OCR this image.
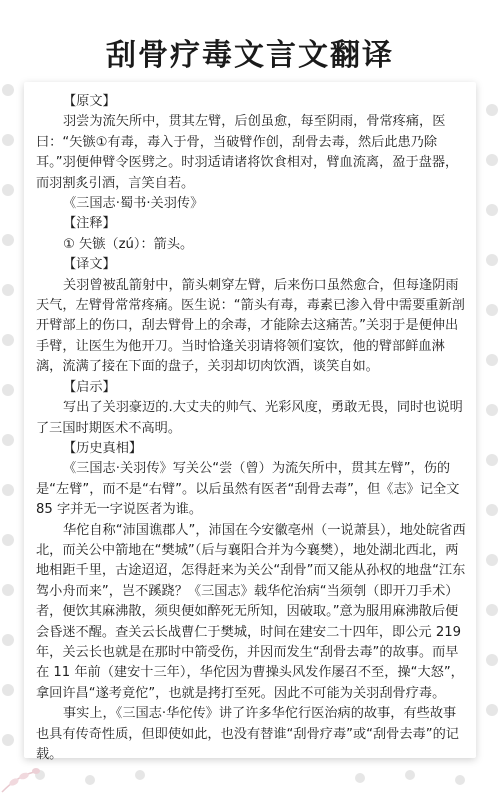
刮骨疗毒文言文翻译

【原文】

羽尝为流矢所中，贯其左臂，后创虽愈，每至阴雨，骨常疼痛，医曰：“矢镞①有毒，毒入于骨，当破臂作创，刮骨去毒，然后此患乃除耳。”羽便伸臂令医劈之。时羽适请诸将饮食相对，臂血流离，盈于盘器，而羽割炙引酒，言笑自若。

《三国志·蜀书·关羽传》

【注释】

① 矢镞（zú）：箭头。

【译文】

关羽曾被乱箭射中，箭头刺穿左臂，后来伤口虽然愈合，但每逢阴雨天气，左臂骨常常疼痛。医生说：“箭头有毒，毒素已渗入骨中需要重新剖开臂部上的伤口，刮去臂骨上的余毒，才能除去这痛苦。”关羽于是便伸出手臂，让医生为他开刀。当时恰逢关羽请将领们宴饮，他的臂部鲜血淋漓，流满了接在下面的盘子，关羽却切肉饮酒，谈笑自如。

【启示】

写出了关羽豪迈的.大丈夫的帅气、光彩风度，勇敢无畏，同时也说明了三国时期医术不高明。

【历史真相】

《三国志·关羽传》写关公“尝（曾）为流矢所中，贯其左臂”，伤的是“左臂”，而不是“右臂”。以后虽然有医者“刮骨去毒”，但《志》记全文 85 字并无一字说医者为谁。

华佗自称“沛国谯郡人”，沛国在今安徽亳州（一说萧县），地处皖省西北，而关公中箭地在“樊城”（后与襄阳合并为今襄樊），地处湖北西北，两地相距千里，古途迢迢，怎得赶来为关公“刮骨”而又能从孙权的地盘“江东驾小舟而来”，岂不蹊跷？《三国志》载华佗治病“当须刳（即开刀手术）者，便饮其麻沸散，须臾便如醉死无所知，因破取。”意为服用麻沸散后便会昏迷不醒。查关云长战曹仁于樊城，时间在建安二十四年，即公元 219 年，关云长也就是在那时中箭受伤，并因而发生“刮骨去毒”的故事。而早在 11 年前（建安十三年），华佗因为曹操头风发作屡召不至，操“大怒”，拿回许昌“遂考竟佗”，也就是拷打至死。因此不可能为关羽刮骨疗毒。

事实上，《三国志·华佗传》讲了许多华佗行医治病的故事，有些故事也具有传奇性质，但即使如此，也没有替谁“刮骨疗毒”或“刮骨去毒”的记载。
